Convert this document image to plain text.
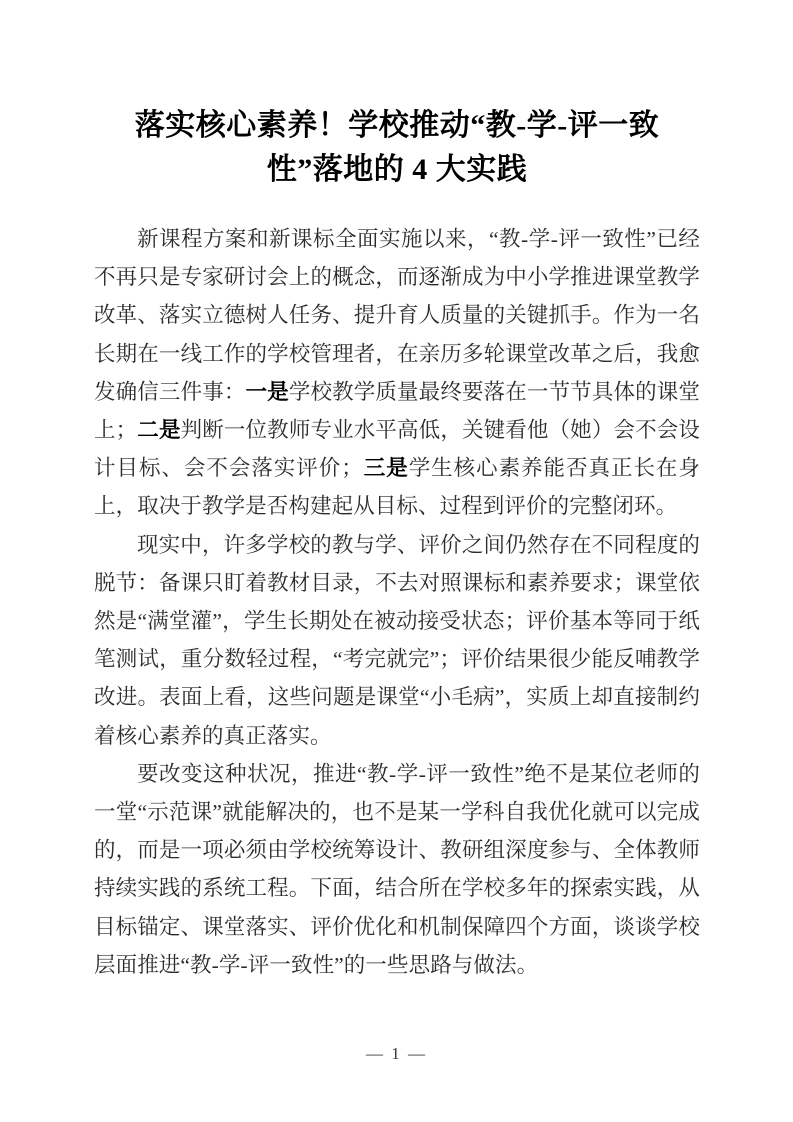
落实核心素养！学校推动“教-学-评一致
性”落地的 4 大实践

新课程方案和新课标全面实施以来，“教-学-评一致性”已经不再只是专家研讨会上的概念，而逐渐成为中小学推进课堂教学改革、落实立德树人任务、提升育人质量的关键抓手。作为一名长期在一线工作的学校管理者，在亲历多轮课堂改革之后，我愈发确信三件事：一是学校教学质量最终要落在一节节具体的课堂上；二是判断一位教师专业水平高低，关键看他（她）会不会设计目标、会不会落实评价；三是学生核心素养能否真正长在身上，取决于教学是否构建起从目标、过程到评价的完整闭环。

现实中，许多学校的教与学、评价之间仍然存在不同程度的脱节：备课只盯着教材目录，不去对照课标和素养要求；课堂依然是“满堂灌”，学生长期处在被动接受状态；评价基本等同于纸笔测试，重分数轻过程，“考完就完”；评价结果很少能反哺教学改进。表面上看，这些问题是课堂“小毛病”，实质上却直接制约着核心素养的真正落实。

要改变这种状况，推进“教-学-评一致性”绝不是某位老师的一堂“示范课”就能解决的，也不是某一学科自我优化就可以完成的，而是一项必须由学校统筹设计、教研组深度参与、全体教师持续实践的系统工程。下面，结合所在学校多年的探索实践，从目标锚定、课堂落实、评价优化和机制保障四个方面，谈谈学校层面推进“教-学-评一致性”的一些思路与做法。

— 1 —
